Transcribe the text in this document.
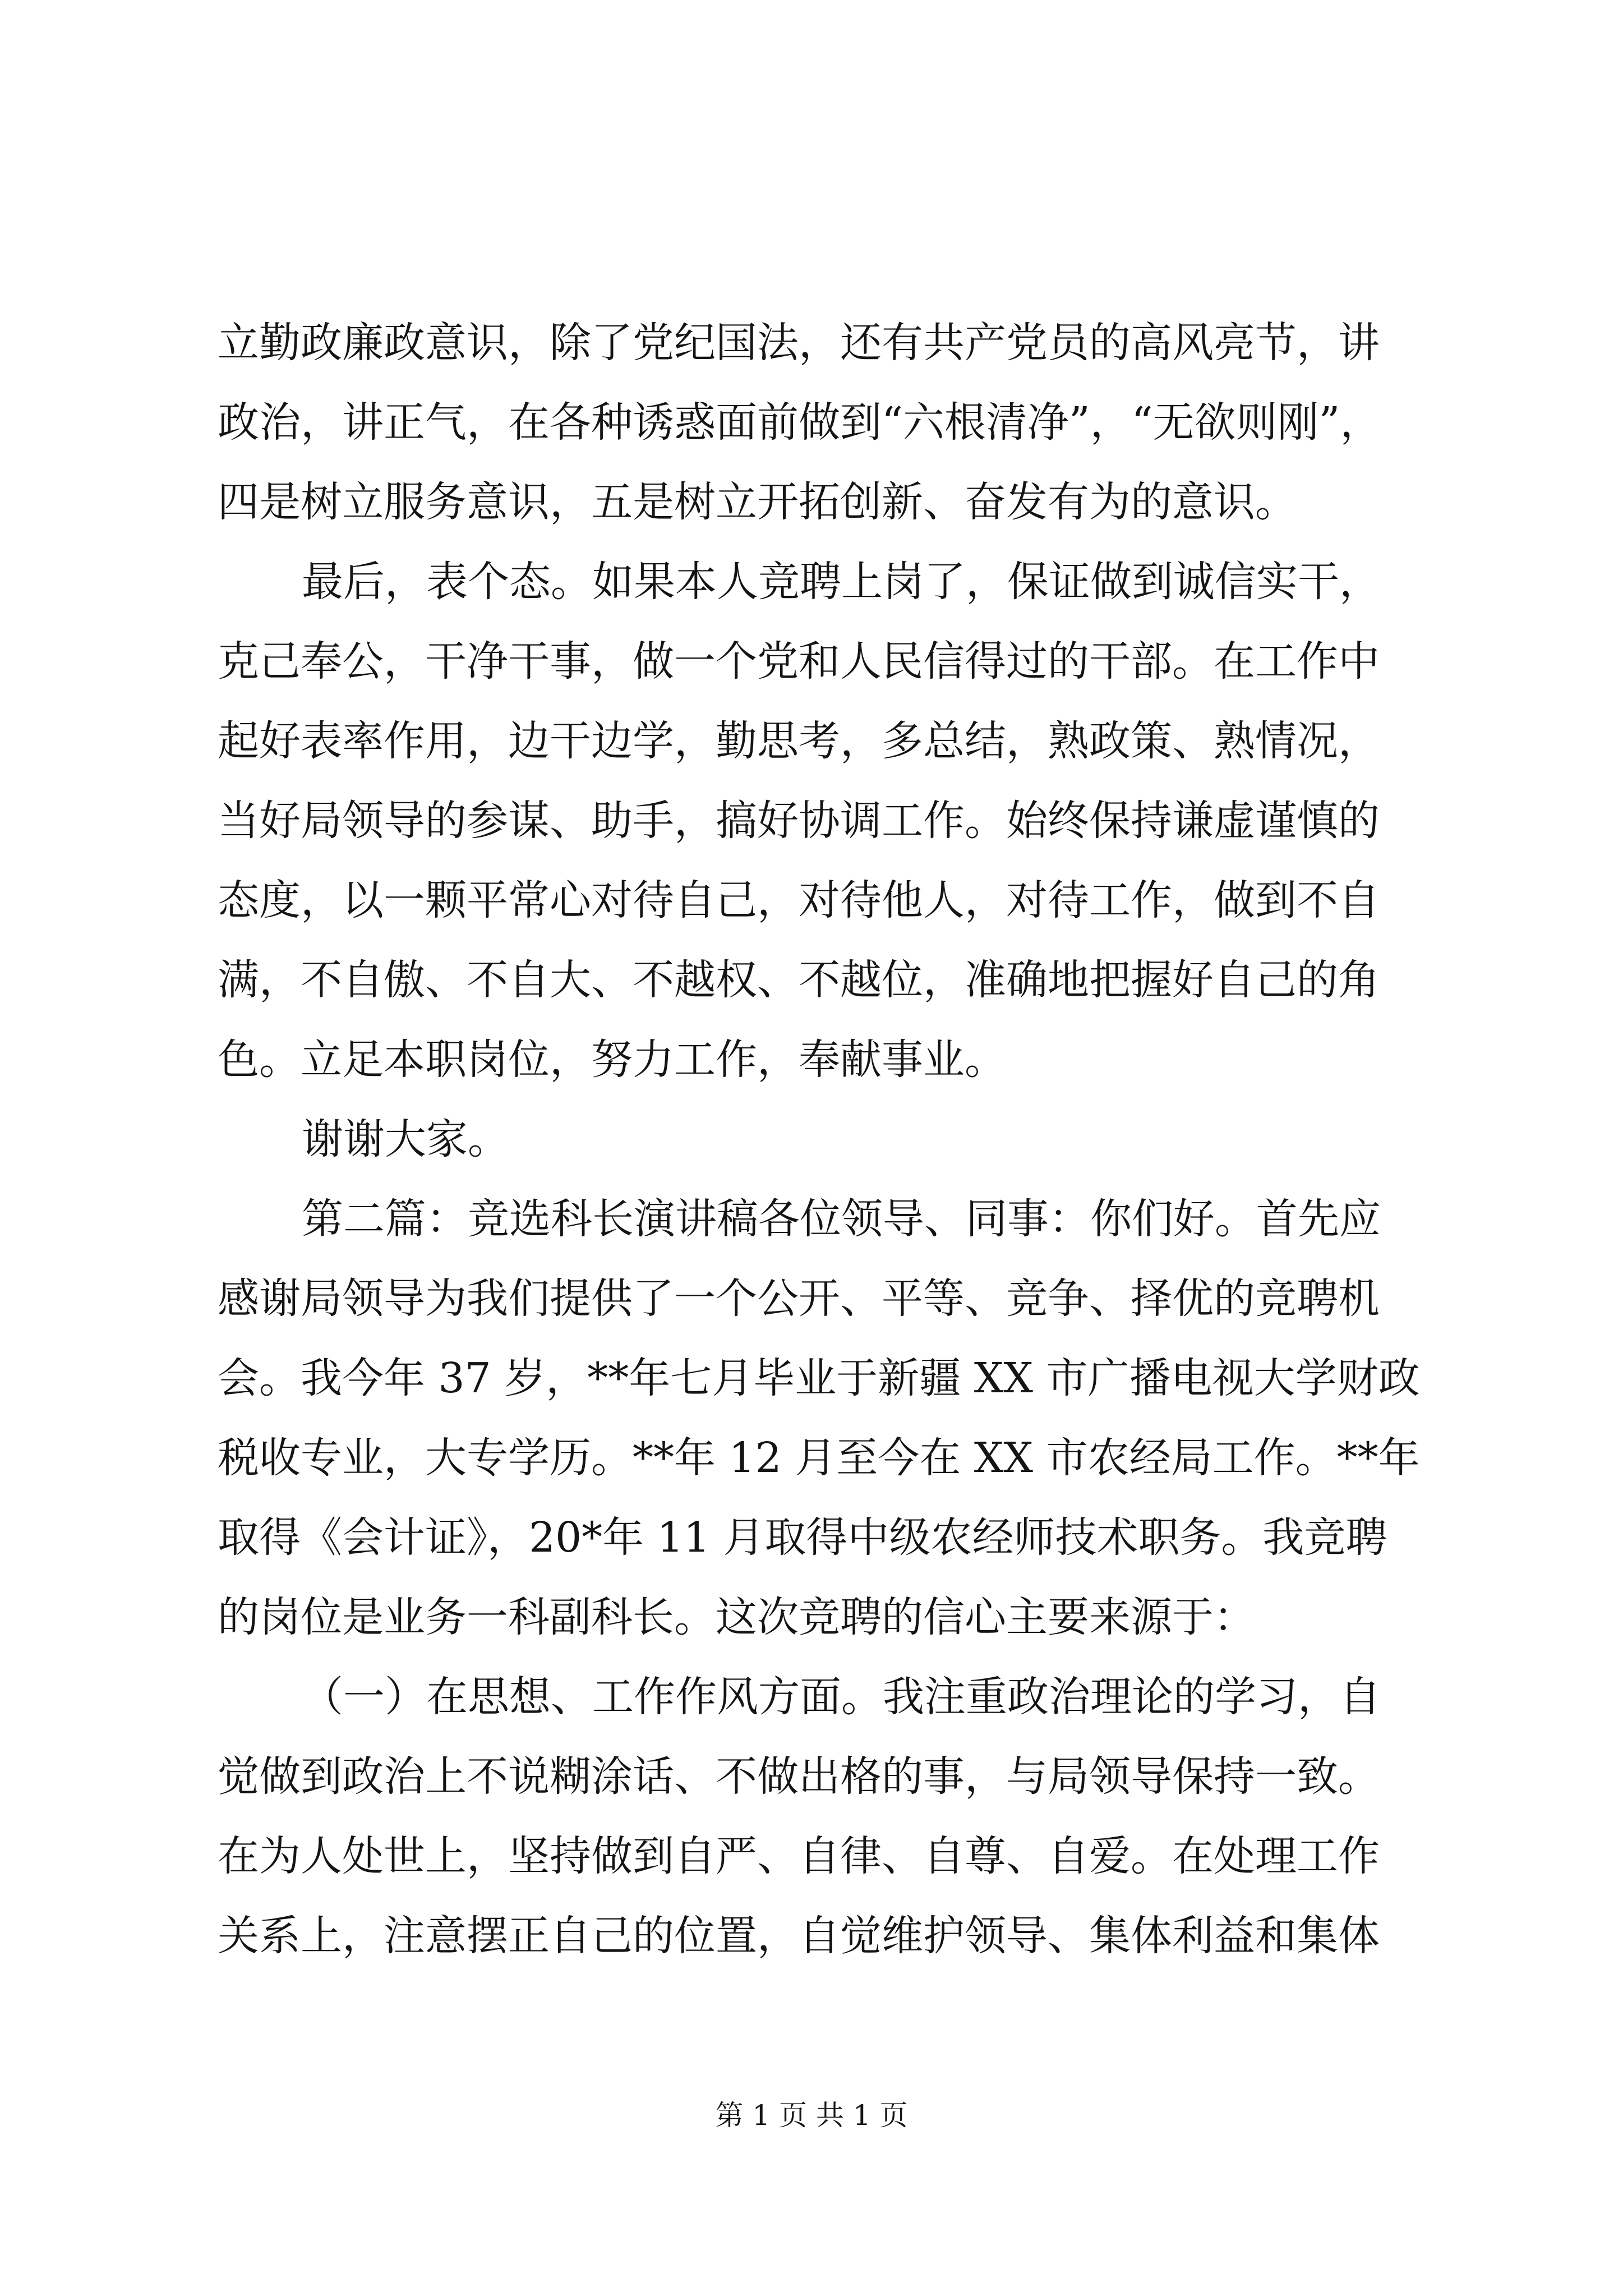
立勤政廉政意识，除了党纪国法，还有共产党员的高风亮节，讲
政治，讲正气，在各种诱惑面前做到“六根清净”，“无欲则刚”，
四是树立服务意识，五是树立开拓创新、奋发有为的意识。
最后，表个态。如果本人竞聘上岗了，保证做到诚信实干，
克己奉公，干净干事，做一个党和人民信得过的干部。在工作中
起好表率作用，边干边学，勤思考，多总结，熟政策、熟情况，
当好局领导的参谋、助手，搞好协调工作。始终保持谦虚谨慎的
态度，以一颗平常心对待自己，对待他人，对待工作，做到不自
满，不自傲、不自大、不越权、不越位，准确地把握好自己的角
色。立足本职岗位，努力工作，奉献事业。
谢谢大家。
第二篇：竞选科长演讲稿各位领导、同事：你们好。首先应
感谢局领导为我们提供了一个公开、平等、竞争、择优的竞聘机
会。我今年 37 岁，**年七月毕业于新疆 XX 市广播电视大学财政
税收专业，大专学历。**年 12 月至今在 XX 市农经局工作。**年
取得《会计证》，20*年 11 月取得中级农经师技术职务。我竞聘
的岗位是业务一科副科长。这次竞聘的信心主要来源于：
（一）在思想、工作作风方面。我注重政治理论的学习，自
觉做到政治上不说糊涂话、不做出格的事，与局领导保持一致。
在为人处世上，坚持做到自严、自律、自尊、自爱。在处理工作
关系上，注意摆正自己的位置，自觉维护领导、集体利益和集体
第 1 页 共 1 页
